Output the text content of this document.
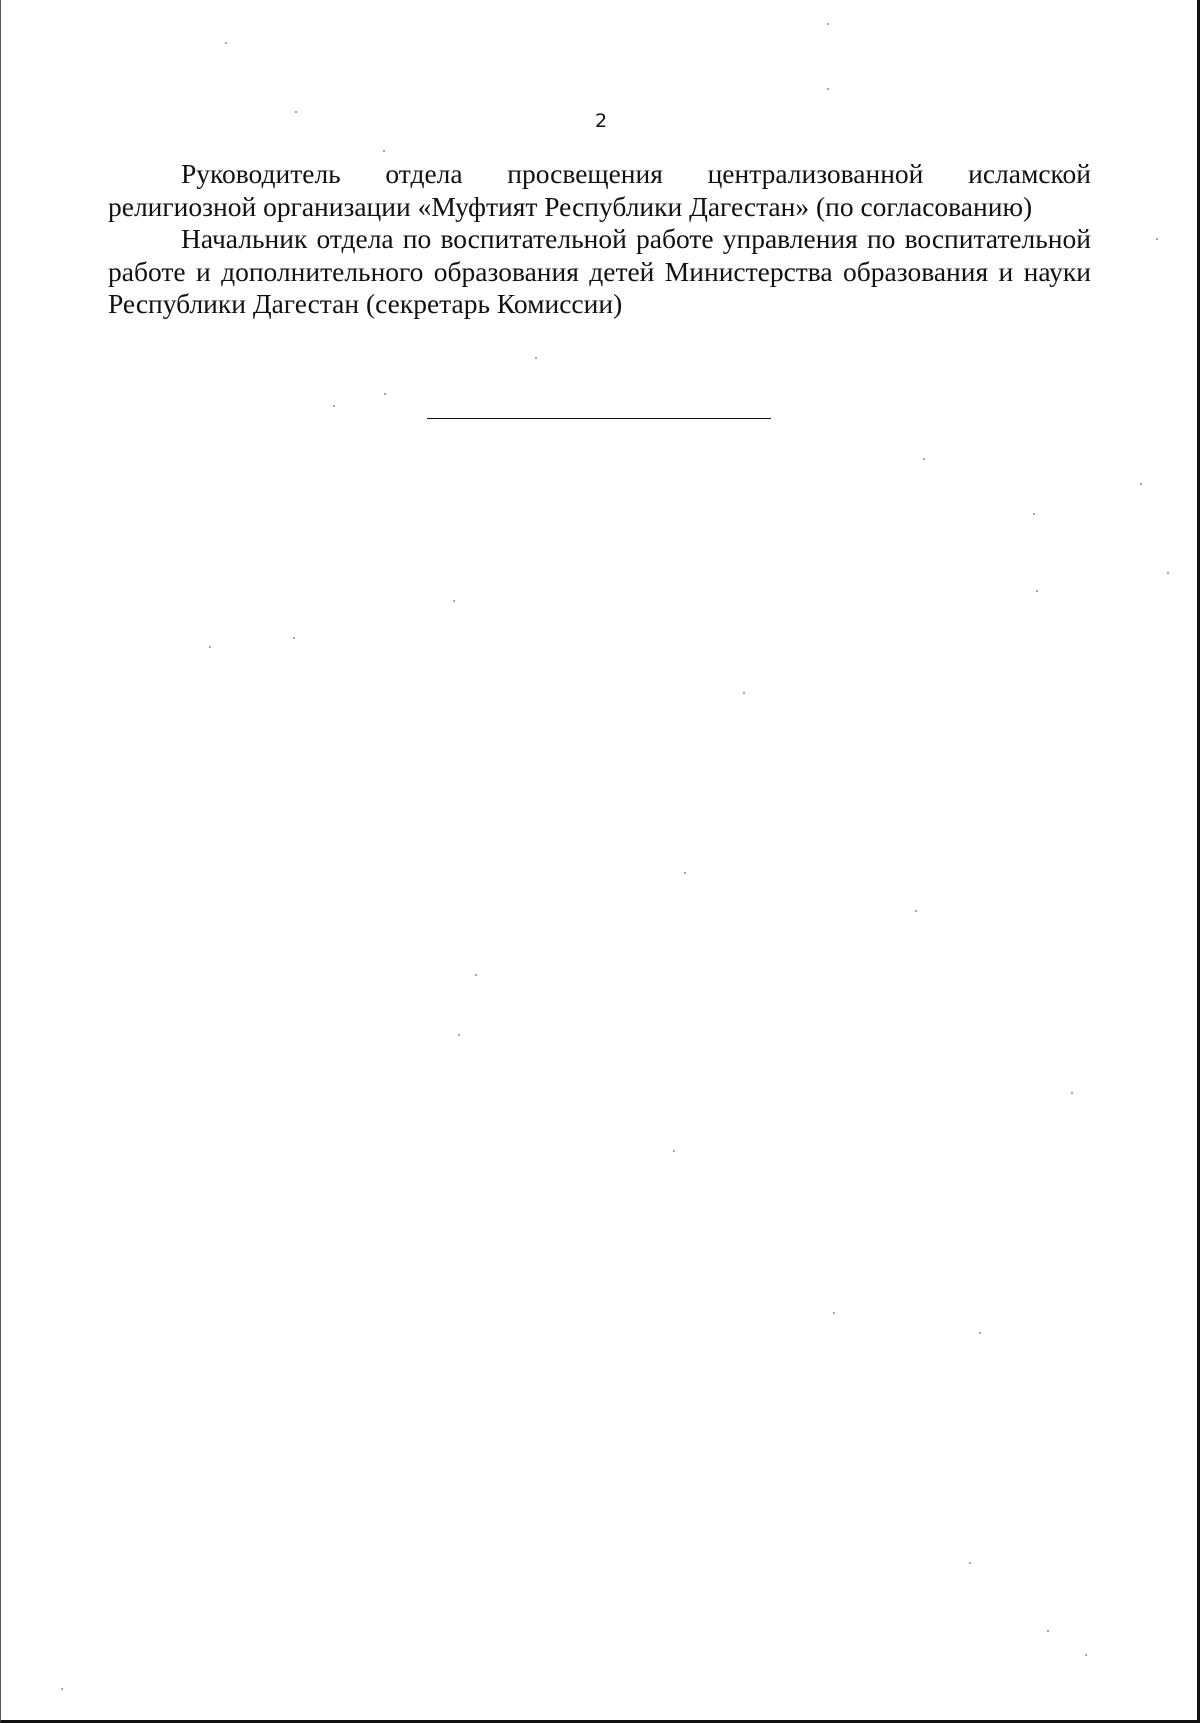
2

Руководитель отдела просвещения централизованной исламской религиозной организации «Муфтият Республики Дагестан» (по согласованию)

Начальник отдела по воспитательной работе управления по воспитательной работе и дополнительного образования детей Министерства образования и науки Республики Дагестан (секретарь Комиссии)
